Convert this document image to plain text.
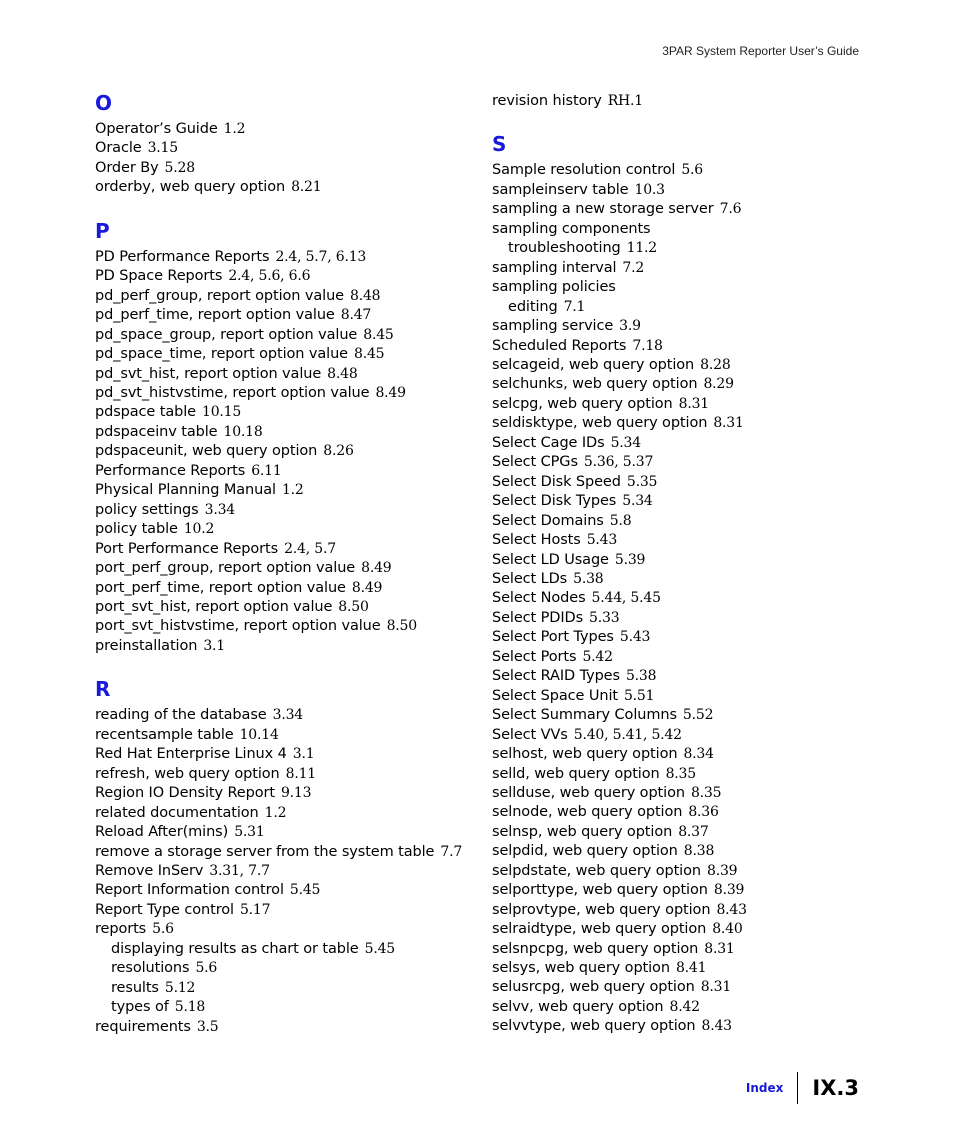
3PAR System Reporter User’s Guide
O
Operator’s Guide 1.2
Oracle 3.15
Order By 5.28
orderby, web query option 8.21
P
PD Performance Reports 2.4, 5.7, 6.13
PD Space Reports 2.4, 5.6, 6.6
pd_perf_group, report option value 8.48
pd_perf_time, report option value 8.47
pd_space_group, report option value 8.45
pd_space_time, report option value 8.45
pd_svt_hist, report option value 8.48
pd_svt_histvstime, report option value 8.49
pdspace table 10.15
pdspaceinv table 10.18
pdspaceunit, web query option 8.26
Performance Reports 6.11
Physical Planning Manual 1.2
policy settings 3.34
policy table 10.2
Port Performance Reports 2.4, 5.7
port_perf_group, report option value 8.49
port_perf_time, report option value 8.49
port_svt_hist, report option value 8.50
port_svt_histvstime, report option value 8.50
preinstallation 3.1
R
reading of the database 3.34
recentsample table 10.14
Red Hat Enterprise Linux 4 3.1
refresh, web query option 8.11
Region IO Density Report 9.13
related documentation 1.2
Reload After(mins) 5.31
remove a storage server from the system table 7.7
Remove InServ 3.31, 7.7
Report Information control 5.45
Report Type control 5.17
reports 5.6
displaying results as chart or table 5.45
resolutions 5.6
results 5.12
types of 5.18
requirements 3.5
revision history RH.1
S
Sample resolution control 5.6
sampleinserv table 10.3
sampling a new storage server 7.6
sampling components
troubleshooting 11.2
sampling interval 7.2
sampling policies
editing 7.1
sampling service 3.9
Scheduled Reports 7.18
selcageid, web query option 8.28
selchunks, web query option 8.29
selcpg, web query option 8.31
seldisktype, web query option 8.31
Select Cage IDs 5.34
Select CPGs 5.36, 5.37
Select Disk Speed 5.35
Select Disk Types 5.34
Select Domains 5.8
Select Hosts 5.43
Select LD Usage 5.39
Select LDs 5.38
Select Nodes 5.44, 5.45
Select PDIDs 5.33
Select Port Types 5.43
Select Ports 5.42
Select RAID Types 5.38
Select Space Unit 5.51
Select Summary Columns 5.52
Select VVs 5.40, 5.41, 5.42
selhost, web query option 8.34
selld, web query option 8.35
sellduse, web query option 8.35
selnode, web query option 8.36
selnsp, web query option 8.37
selpdid, web query option 8.38
selpdstate, web query option 8.39
selporttype, web query option 8.39
selprovtype, web query option 8.43
selraidtype, web query option 8.40
selsnpcpg, web query option 8.31
selsys, web query option 8.41
selusrcpg, web query option 8.31
selvv, web query option 8.42
selvvtype, web query option 8.43
Index IX.3
